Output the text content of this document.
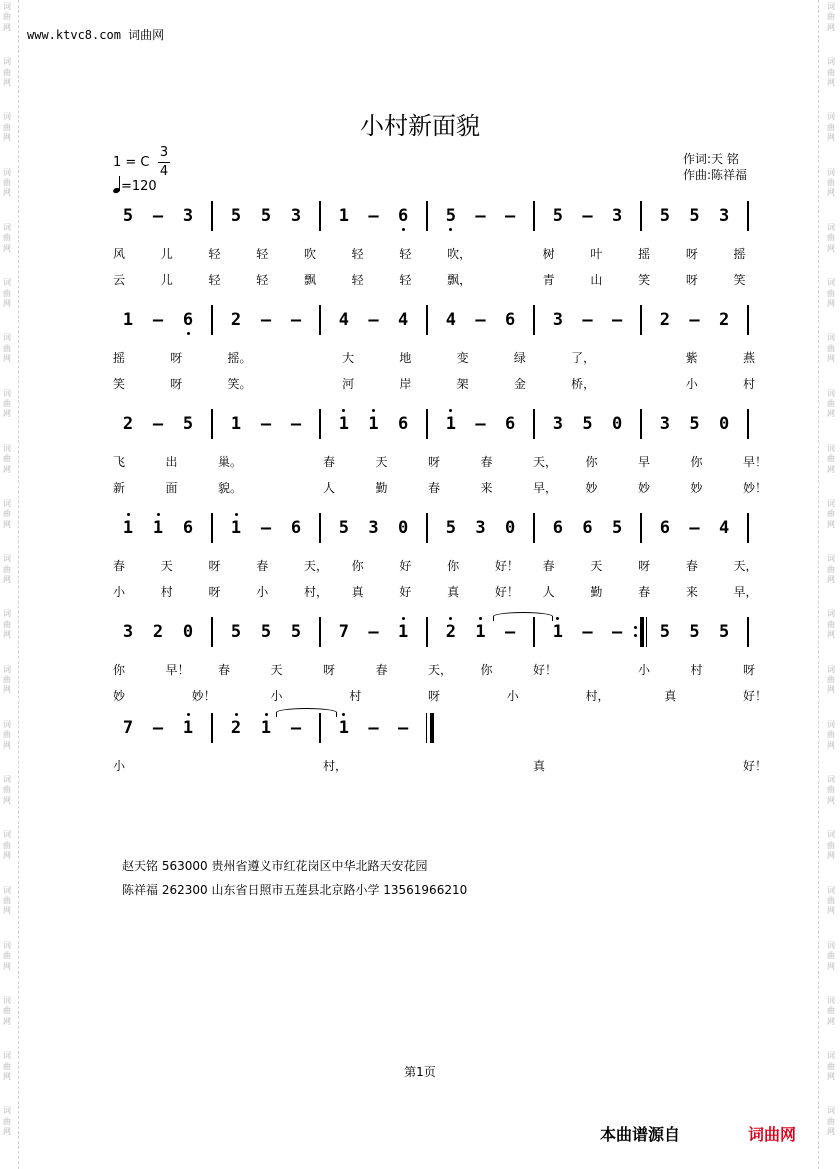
词
曲
网
词
曲
网
词
曲
网
词
曲
网
词
曲
网
词
曲
网
词
曲
网
词
曲
网
词
曲
网
词
曲
网
词
曲
网
词
曲
网
词
曲
网
词
曲
网
词
曲
网
词
曲
网
词
曲
网
词
曲
网
词
曲
网
词
曲
网
词
曲
网
词
曲
网
词
曲
网
词
曲
网
词
曲
网
词
曲
网
词
曲
网
词
曲
网
词
曲
网
词
曲
网
词
曲
网
词
曲
网
词
曲
网
词
曲
网
词
曲
网
词
曲
网
词
曲
网
词
曲
网
词
曲
网
词
曲
网
词
曲
网
词
曲
网
www.ktvc8.com 词曲网
小村新面貌
1 = C
3
4
=120
作词:天 铭
作曲:陈祥福
5 – 3 5 5 3 1 – 6 5 – – 5 – 3 5 5 3
风	儿	轻	轻	吹	轻	轻	吹，	树	叶	摇	呀	摇
云	儿	轻	轻	飘	轻	轻	飘，	青	山	笑	呀	笑
1 – 6 2 – – 4 – 4 4 – 6 3 – – 2 – 2
摇	呀	摇。	大	地	变	绿	了，	紫	燕
笑	呀	笑。	河	岸	架	金	桥，	小	村
2 – 5 1 – – 1 1 6 1 – 6 3 5 0 3 5 0
飞	出	巢。	春	天	呀	春	天， 你	早	你	早！
新	面	貌。	人	勤	春	来	早， 妙	妙	妙	妙！
1 1 6 1 – 6 5 3 0 5 3 0 6 6 5 6 – 4
春	天	呀	春	天， 你	好	你	好！ 春	天	呀	春	天，
小	村	呀	小	村， 真	好	真	好！ 人	勤	春	来	早，
3 2 0 5 5 5 7 – 1 2 1 – 1 – – 5 5 5
你	早！ 春	天	呀	春	天， 你	好！	小	村	呀
妙	妙！	小	村	呀	小	村，	真	好！
7 – 1 2 1 – 1 – –
小	村，	真	好！
赵天铭 563000 贵州省遵义市红花岗区中华北路天安花园
陈祥福 262300 山东省日照市五莲县北京路小学 13561966210
第1页
本曲谱源自	词曲网
